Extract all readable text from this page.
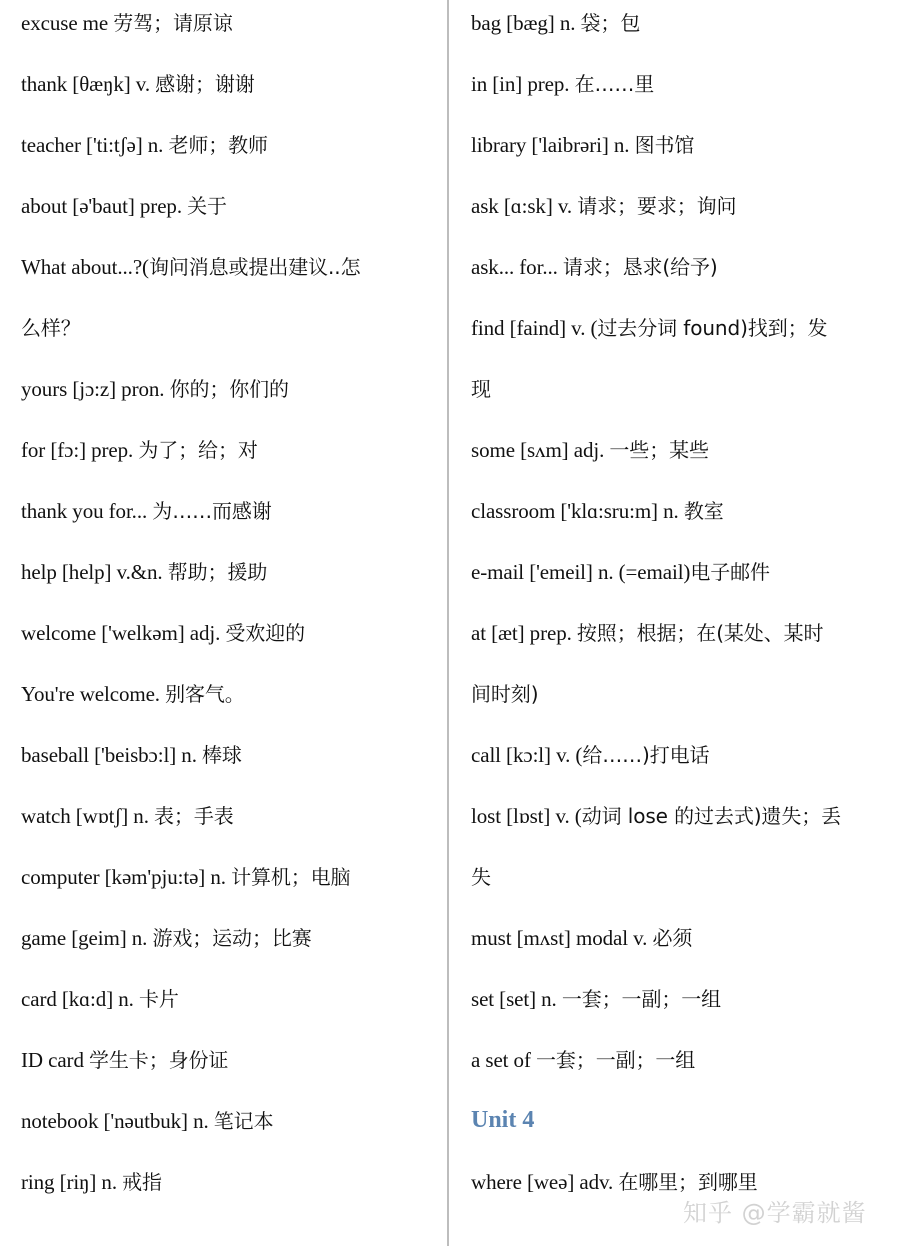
excuse me 劳驾；请原谅
thank [θæŋk] v. 感谢；谢谢
teacher ['ti:tʃə] n. 老师；教师
about [ə'baut] prep. 关于
What about...?(询问消息或提出建议..怎
么样？
yours [jɔ:z] pron. 你的；你们的
for [fɔ:] prep. 为了；给；对
thank you for... 为……而感谢
help [help] v.&n. 帮助；援助
welcome ['welkəm] adj. 受欢迎的
You're welcome. 别客气。
baseball ['beisbɔ:l] n. 棒球
watch [wɒtʃ] n. 表；手表
computer [kəm'pju:tə] n. 计算机；电脑
game [geim] n. 游戏；运动；比赛
card [kɑ:d] n. 卡片
ID card 学生卡；身份证
notebook ['nəutbuk] n. 笔记本
ring [riŋ] n. 戒指
bag [bæg] n. 袋；包
in [in] prep. 在……里
library ['laibrəri] n. 图书馆
ask [ɑ:sk] v. 请求；要求；询问
ask... for... 请求；恳求(给予)
find [faind] v. (过去分词 found)找到；发
现
some [sʌm] adj. 一些；某些
classroom ['klɑ:sru:m] n. 教室
e-mail ['emeil] n. (=email)电子邮件
at [æt] prep. 按照；根据；在(某处、某时
间时刻)
call [kɔ:l] v. (给……)打电话
lost [lɒst] v. (动词 lose 的过去式)遗失；丢
失
must [mʌst] modal v. 必须
set [set] n. 一套；一副；一组
a set of 一套；一副；一组
Unit 4
where [weə] adv. 在哪里；到哪里
知乎 @学霸就酱
